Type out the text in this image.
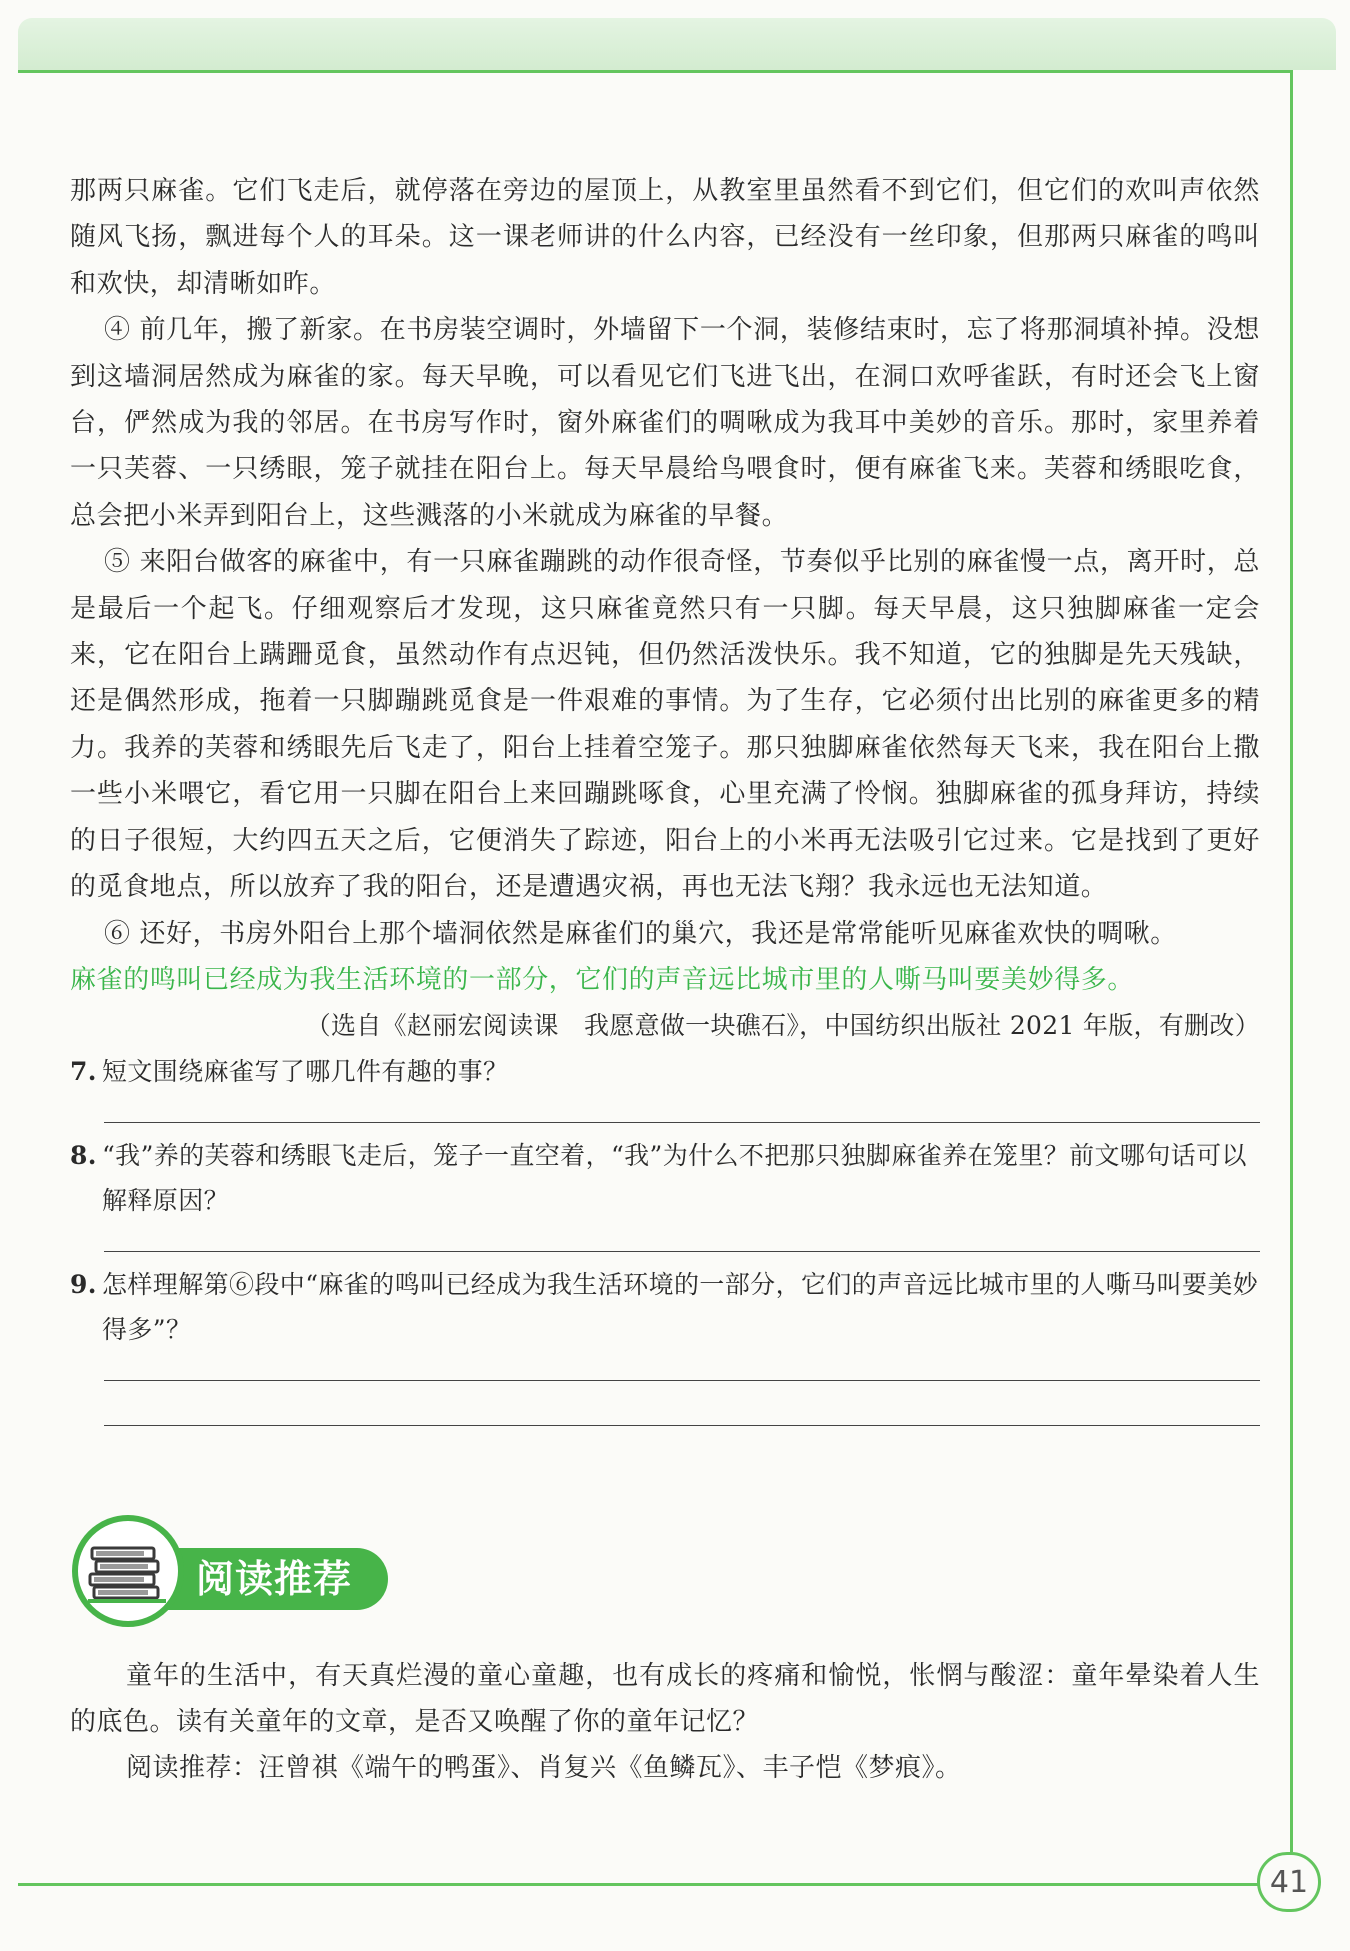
41

那两只麻雀。它们飞走后，就停落在旁边的屋顶上，从教室里虽然看不到它们，但它们的欢叫声依然随风飞扬，飘进每个人的耳朵。这一课老师讲的什么内容，已经没有一丝印象，但那两只麻雀的鸣叫和欢快，却清晰如昨。

④ 前几年，搬了新家。在书房装空调时，外墙留下一个洞，装修结束时，忘了将那洞填补掉。没想到这墙洞居然成为麻雀的家。每天早晚，可以看见它们飞进飞出，在洞口欢呼雀跃，有时还会飞上窗台，俨然成为我的邻居。在书房写作时，窗外麻雀们的啁啾成为我耳中美妙的音乐。那时，家里养着一只芙蓉、一只绣眼，笼子就挂在阳台上。每天早晨给鸟喂食时，便有麻雀飞来。芙蓉和绣眼吃食，总会把小米弄到阳台上，这些溅落的小米就成为麻雀的早餐。

⑤ 来阳台做客的麻雀中，有一只麻雀蹦跳的动作很奇怪，节奏似乎比别的麻雀慢一点，离开时，总是最后一个起飞。仔细观察后才发现，这只麻雀竟然只有一只脚。每天早晨，这只独脚麻雀一定会来，它在阳台上蹒跚觅食，虽然动作有点迟钝，但仍然活泼快乐。我不知道，它的独脚是先天残缺，还是偶然形成，拖着一只脚蹦跳觅食是一件艰难的事情。为了生存，它必须付出比别的麻雀更多的精力。我养的芙蓉和绣眼先后飞走了，阳台上挂着空笼子。那只独脚麻雀依然每天飞来，我在阳台上撒一些小米喂它，看它用一只脚在阳台上来回蹦跳啄食，心里充满了怜悯。独脚麻雀的孤身拜访，持续的日子很短，大约四五天之后，它便消失了踪迹，阳台上的小米再无法吸引它过来。它是找到了更好的觅食地点，所以放弃了我的阳台，还是遭遇灾祸，再也无法飞翔？我永远也无法知道。

⑥ 还好，书房外阳台上那个墙洞依然是麻雀们的巢穴，我还是常常能听见麻雀欢快的啁啾。

麻雀的鸣叫已经成为我生活环境的一部分，它们的声音远比城市里的人嘶马叫要美妙得多。

（选自《赵丽宏阅读课　我愿意做一块礁石》，中国纺织出版社 2021 年版，有删改）

7. 短文围绕麻雀写了哪几件有趣的事？
8. “我”养的芙蓉和绣眼飞走后，笼子一直空着，“我”为什么不把那只独脚麻雀养在笼里？前文哪句话可以解释原因？
9. 怎样理解第⑥段中“麻雀的鸣叫已经成为我生活环境的一部分，它们的声音远比城市里的人嘶马叫要美妙得多”？
阅读推荐

童年的生活中，有天真烂漫的童心童趣，也有成长的疼痛和愉悦，怅惘与酸涩：童年晕染着人生的底色。读有关童年的文章，是否又唤醒了你的童年记忆？

阅读推荐：汪曾祺《端午的鸭蛋》、肖复兴《鱼鳞瓦》、丰子恺《梦痕》。
